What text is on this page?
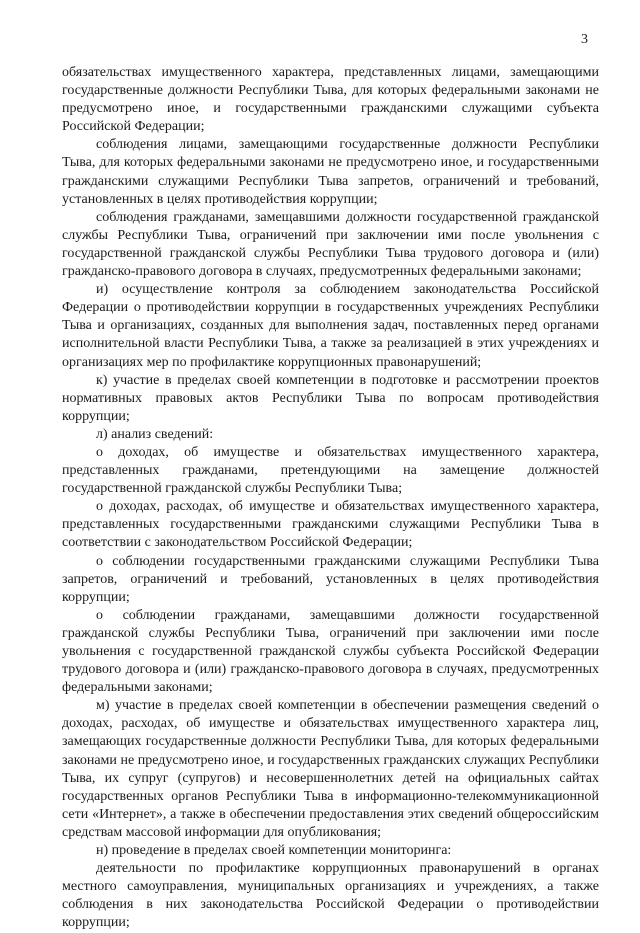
3
обязательствах имущественного характера, представленных лицами, замещающими
государственные должности Республики Тыва, для которых федеральными законами не
предусмотрено иное, и государственными гражданскими служащими субъекта
Российской Федерации;
соблюдения лицами, замещающими государственные должности Республики
Тыва, для которых федеральными законами не предусмотрено иное, и государственными
гражданскими служащими Республики Тыва запретов, ограничений и требований,
установленных в целях противодействия коррупции;
соблюдения гражданами, замещавшими должности государственной гражданской
службы Республики Тыва, ограничений при заключении ими после увольнения с
государственной гражданской службы Республики Тыва трудового договора и (или)
гражданско-правового договора в случаях, предусмотренных федеральными законами;
и) осуществление контроля за соблюдением законодательства Российской
Федерации о противодействии коррупции в государственных учреждениях Республики
Тыва и организациях, созданных для выполнения задач, поставленных перед органами
исполнительной власти Республики Тыва, а также за реализацией в этих учреждениях и
организациях мер по профилактике коррупционных правонарушений;
к) участие в пределах своей компетенции в подготовке и рассмотрении проектов
нормативных правовых актов Республики Тыва по вопросам противодействия
коррупции;
л) анализ сведений:
о доходах, об имуществе и обязательствах имущественного характера,
представленных гражданами, претендующими на замещение должностей
государственной гражданской службы Республики Тыва;
о доходах, расходах, об имуществе и обязательствах имущественного характера,
представленных государственными гражданскими служащими Республики Тыва в
соответствии с законодательством Российской Федерации;
о соблюдении государственными гражданскими служащими Республики Тыва
запретов, ограничений и требований, установленных в целях противодействия
коррупции;
о соблюдении гражданами, замещавшими должности государственной
гражданской службы Республики Тыва, ограничений при заключении ими после
увольнения с государственной гражданской службы субъекта Российской Федерации
трудового договора и (или) гражданско-правового договора в случаях, предусмотренных
федеральными законами;
м) участие в пределах своей компетенции в обеспечении размещения сведений о
доходах, расходах, об имуществе и обязательствах имущественного характера лиц,
замещающих государственные должности Республики Тыва, для которых федеральными
законами не предусмотрено иное, и государственных гражданских служащих Республики
Тыва, их супруг (супругов) и несовершеннолетних детей на официальных сайтах
государственных органов Республики Тыва в информационно-телекоммуникационной
сети «Интернет», а также в обеспечении предоставления этих сведений общероссийским
средствам массовой информации для опубликования;
н) проведение в пределах своей компетенции мониторинга:
деятельности по профилактике коррупционных правонарушений в органах
местного самоуправления, муниципальных организациях и учреждениях, а также
соблюдения в них законодательства Российской Федерации о противодействии
коррупции;
